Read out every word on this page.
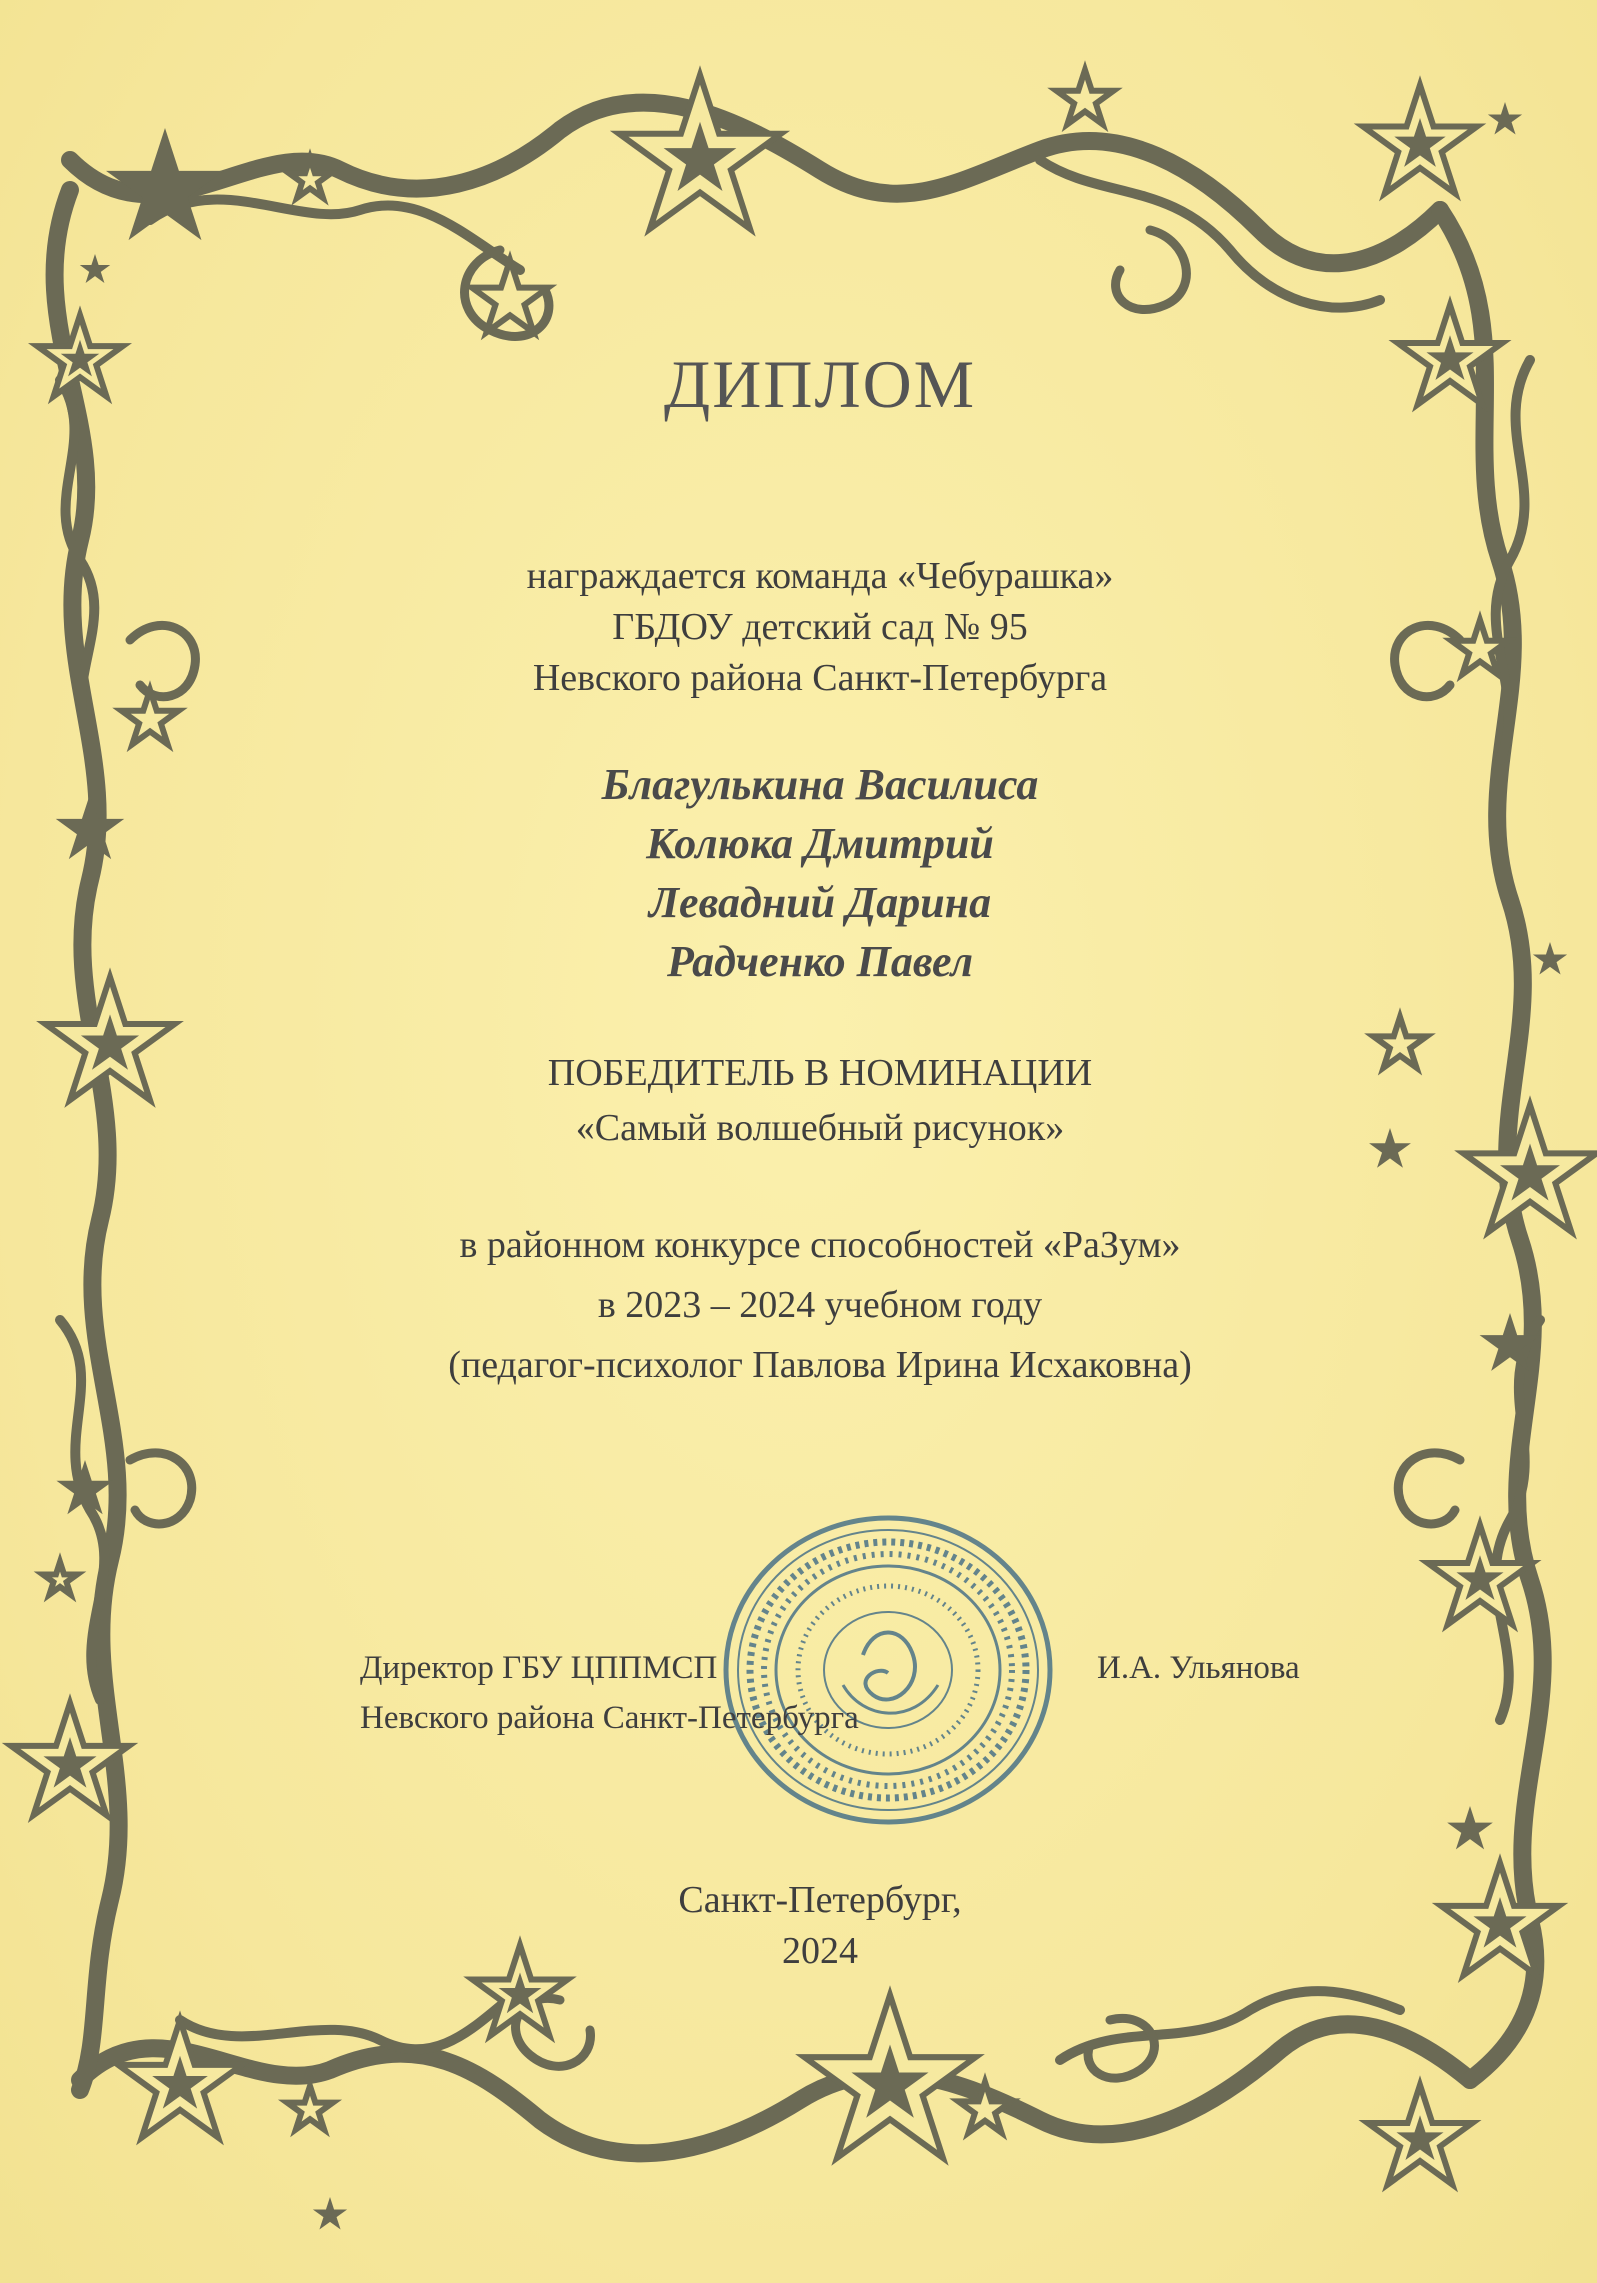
ДИПЛОМ
награждается команда «Чебурашка»
ГБДОУ детский сад № 95
Невского района Санкт-Петербурга
Благулькина Василиса
Колюка Дмитрий
Левадний Дарина
Радченко Павел
ПОБЕДИТЕЛЬ В НОМИНАЦИИ
«Самый волшебный рисунок»
в районном конкурсе способностей «РаЗум»
в 2023 – 2024 учебном году
(педагог-психолог Павлова Ирина Исхаковна)
Директор ГБУ ЦППМСП
Невского района Санкт-Петербурга
И.А. Ульянова
Санкт-Петербург,
2024
